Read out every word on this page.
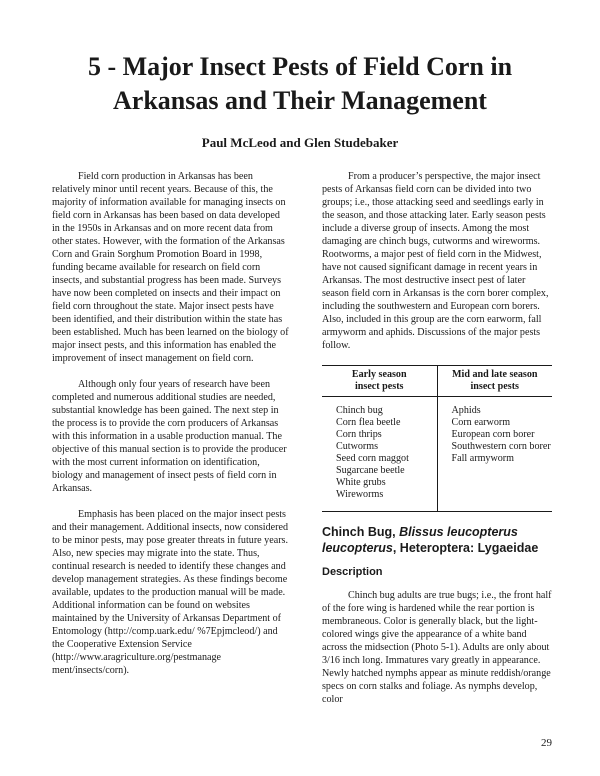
5 - Major Insect Pests of Field Corn in
Arkansas and Their Management

Paul McLeod and Glen Studebaker

Field corn production in Arkansas has been relatively minor until recent years. Because of this, the majority of information available for managing insects on field corn in Arkansas has been based on data developed in the 1950s in Arkansas and on more recent data from other states. However, with the formation of the Arkansas Corn and Grain Sorghum Promotion Board in 1998, funding became available for research on field corn insects, and substantial progress has been made. Surveys have now been completed on insects and their impact on field corn throughout the state. Major insect pests have been identified, and their distribution within the state has been established. Much has been learned on the biology of major insect pests, and this information has enabled the improvement of insect management on field corn.

Although only four years of research have been completed and numerous additional studies are needed, substantial knowledge has been gained. The next step in the process is to provide the corn producers of Arkansas with this information in a usable production manual. The objective of this manual section is to provide the producer with the most current information on identification, biology and management of insect pests of field corn in Arkansas.

Emphasis has been placed on the major insect pests and their management. Additional insects, now considered to be minor pests, may pose greater threats in future years. Also, new species may migrate into the state. Thus, continual research is needed to identify these changes and develop management strategies. As these findings become available, updates to the production manual will be made. Additional information can be found on websites maintained by the University of Arkansas Department of Entomology (http://comp.uark.edu/ %7Epjmcleod/) and the Cooperative Extension Service (http://www.aragriculture.org/pestmanage ment/insects/corn).

From a producer’s perspective, the major insect pests of Arkansas field corn can be divided into two groups; i.e., those attacking seed and seedlings early in the season, and those attacking later. Early season pests include a diverse group of insects. Among the most damaging are chinch bugs, cutworms and wireworms. Rootworms, a major pest of field corn in the Midwest, have not caused significant damage in recent years in Arkansas. The most destructive insect pest of later season field corn in Arkansas is the corn borer complex, including the southwestern and European corn borers. Also, included in this group are the corn earworm, fall armyworm and aphids. Discussions of the major pests follow.

Early season
insect pests
Chinch bug
Corn flea beetle
Corn thrips
Cutworms
Seed corn maggot
Sugarcane beetle
White grubs
Wireworms
Mid and late season
insect pests
Aphids
Corn earworm
European corn borer
Southwestern corn borer
Fall armyworm
Chinch Bug, Blissus leucopterus leucopterus, Heteroptera: Lygaeidae
Description

Chinch bug adults are true bugs; i.e., the front half of the fore wing is hardened while the rear portion is membraneous. Color is generally black, but the light-colored wings give the appearance of a white band across the midsection (Photo 5-1). Adults are only about 3/16 inch long. Immatures vary greatly in appearance. Newly hatched nymphs appear as minute reddish/orange specs on corn stalks and foliage. As nymphs develop, color

29
